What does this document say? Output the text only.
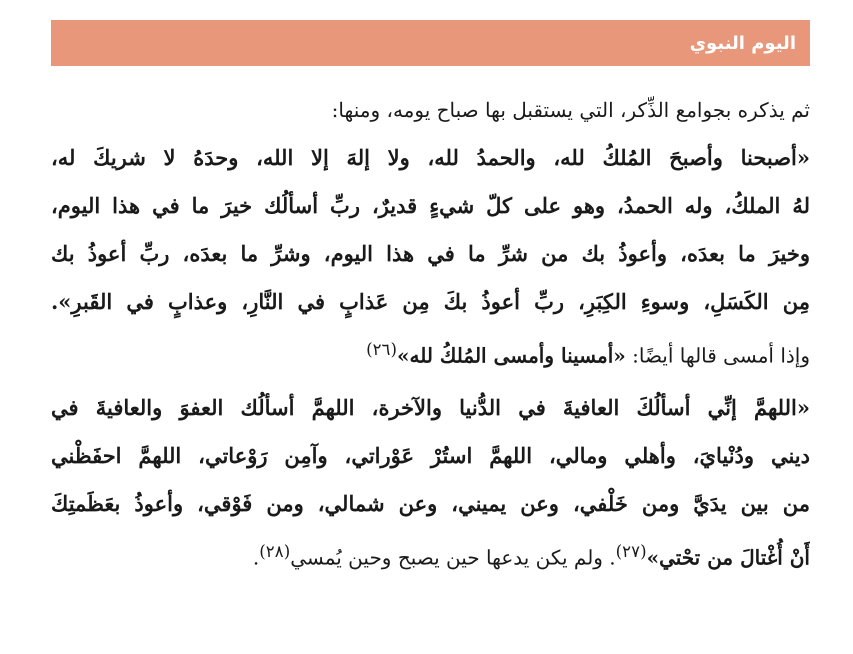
اليوم النبوي
ثم يذكره بجوامع الذِّكر، التي يستقبل بها صباح يومه، ومنها:
«أصبحنا وأصبحَ المُلكُ لله، والحمدُ لله، ولا إلهَ إلا الله، وحدَهُ لا شريكَ له،
لهُ الملكُ، وله الحمدُ، وهو على كلّ شيءٍ قديرٌ، ربِّ أسألُك خيرَ ما في هذا اليوم،
وخيرَ ما بعدَه، وأعوذُ بك من شرِّ ما في هذا اليوم، وشرِّ ما بعدَه، ربِّ أعوذُ بك
مِن الكَسَلِ، وسوءِ الكِبَرِ، ربِّ أعوذُ بكَ مِن عَذابٍ في النَّارِ، وعذابٍ في القَبرِ».
وإذا أمسى قالها أيضًا: «أمسينا وأمسى المُلكُ لله»$^{(٢٦)}$
«اللهمَّ إنِّي أسألُكَ العافيةَ في الدُّنيا والآخرة، اللهمَّ أسألُك العفوَ والعافيةَ في
ديني ودُنْيايَ، وأهلي ومالي، اللهمَّ استُرْ عَوْراتي، وآمِن رَوْعاتي، اللهمَّ احفَظْني
من بين يدَيَّ ومن خَلْفي، وعن يميني، وعن شمالي، ومن فَوْقي، وأعوذُ بعَظَمتِكَ
أَنْ أُغْتالَ من تحْتي»$^{(٢٧)}$. ولم يكن يدعها حين يصبح وحين يُمسي$^{(٢٨)}$.
